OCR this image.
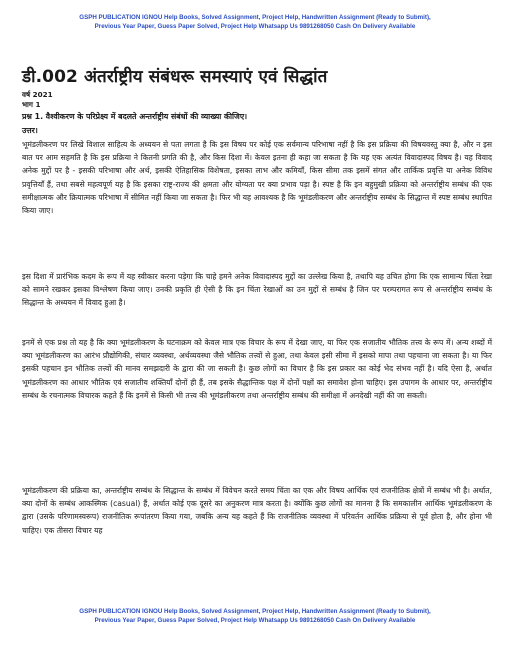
GSPH PUBLICATION IGNOU Help Books, Solved Assignment, Project Help, Handwritten Assignment (Ready to Submit),
Previous Year Paper, Guess Paper Solved, Project Help Whatsapp Us 9891268050 Cash On Delivery Available
डी.002 अंतर्राष्ट्रीय संबंधरू समस्याएं एवं सिद्धांत
वर्ष 2021
भाग 1
प्रश्न 1. वैश्वीकरण के परिप्रेक्ष्य में बदलते अन्तर्राष्ट्रीय संबंधों की व्याख्या कीजिए।
उत्तर।

भूमंडलीकरण पर लिखे विशाल साहित्य के अध्ययन से पता लगता है कि इस विषय पर कोई एक सर्वमान्य परिभाषा नहीं है कि इस प्रक्रिया की विषयवस्तु क्या है, और न इस बात पर आम सहमति है कि इस प्रक्रिया ने कितनी प्रगति की है, और किस दिशा में। केवल इतना ही कहा जा सकता है कि यह एक अत्यंत विवादास्पद विषय है। यह विवाद अनेक मुद्दों पर है - इसकी परिभाषा और अर्थ, इसकी ऐतिहासिक विशेषता, इसका लाभ और कमियाँ, किस सीमा तक इसमें संगत और तार्किक प्रवृत्ति या अनेक विविध प्रवृत्तियाँ हैं, तथा सबसे महत्वपूर्ण यह है कि इसका राष्ट्र-राज्य की क्षमता और योग्यता पर क्या प्रभाव पड़ा है। स्पष्ट है कि इन बहुमुखी प्रक्रिया को अन्तर्राष्ट्रीय सम्बंध की एक समीक्षात्मक और क्रियात्मक परिभाषा में सीमित नहीं किया जा सकता है। फिर भी यह आवश्यक है कि भूमंडलीकरण और अन्तर्राष्ट्रीय सम्बंध के सिद्धान्त में स्पष्ट सम्बंध स्थापित किया जाए।

इस दिशा में प्रारंभिक कदम के रूप में यह स्वीकार करना पड़ेगा कि चाहे हमने अनेक विवादास्पद मुद्दों का उल्लेख किया है, तथापि यह उचित होगा कि एक सामान्य चिंता रेखा को सामने रखकर इसका विश्लेषण किया जाए। उनकी प्रकृति ही ऐसी है कि इन चिंता रेखाओं का उन मुद्दों से सम्बंध है जिन पर परम्परागत रूप से अन्तर्राष्ट्रीय सम्बंध के सिद्धान्त के अध्ययन में विवाद हुआ है।

इनमें से एक प्रश्न तो यह है कि क्या भूमंडलीकरण के घटनाक्रम को केवल मात्र एक विचार के रूप में देखा जाए, या फिर एक सजातीय भौतिक तत्त्व के रूप में। अन्य शब्दों में क्या भूमंडलीकरण का आरंभ प्रौद्योगिकी, संचार व्यवस्था, अर्थव्यवस्था जैसे भौतिक तत्त्वों से हुआ, तथा केवल इसी सीमा में इसको मापा तथा पहचाना जा सकता है। या फिर इसकी पहचान इन भौतिक तत्त्वों की मानव समझदारी के द्वारा की जा सकती है। कुछ लोगों का विचार है कि इस प्रकार का कोई भेद संभव नहीं है। यदि ऐसा है, अर्थात भूमंडलीकरण का आधार भौतिक एवं सजातीय शक्तियाँ दोनों ही हैं, तब इसके सैद्धान्तिक पक्ष में दोनों पक्षों का समावेश होना चाहिए। इस उपागम के आधार पर, अन्तर्राष्ट्रीय सम्बंध के रचनात्मक विचारक कहते हैं कि इनमें से किसी भी तत्त्व की भूमंडलीकरण तथा अन्तर्राष्ट्रीय सम्बंध की समीक्षा में अनदेखी नहीं की जा सकती।

भूमंडलीकरण की प्रक्रिया का, अन्तर्राष्ट्रीय सम्बंध के सिद्धान्त के सम्बंध में विवेचन करते समय चिंता का एक और विषय आर्थिक एवं राजनीतिक क्षेत्रों में सम्बंध भी है। अर्थात, क्या दोनों के सम्बंध आकस्मिक (casual) हैं, अर्थात कोई एक दूसरे का अनुकरण मात्र करता है। क्योंकि कुछ लोगों का मानना है कि समकालीन आर्थिक भूमंडलीकरण के द्वारा (उसके परिणामस्वरूप) राजनीतिक रूपांतरण किया गया, जबकि अन्य यह कहते हैं कि राजनीतिक व्यवस्था में परिवर्तन आर्थिक प्रक्रिया से पूर्व होता है, और होना भी चाहिए। एक तीसरा विचार यह

GSPH PUBLICATION IGNOU Help Books, Solved Assignment, Project Help, Handwritten Assignment (Ready to Submit),
Previous Year Paper, Guess Paper Solved, Project Help Whatsapp Us 9891268050 Cash On Delivery Available
